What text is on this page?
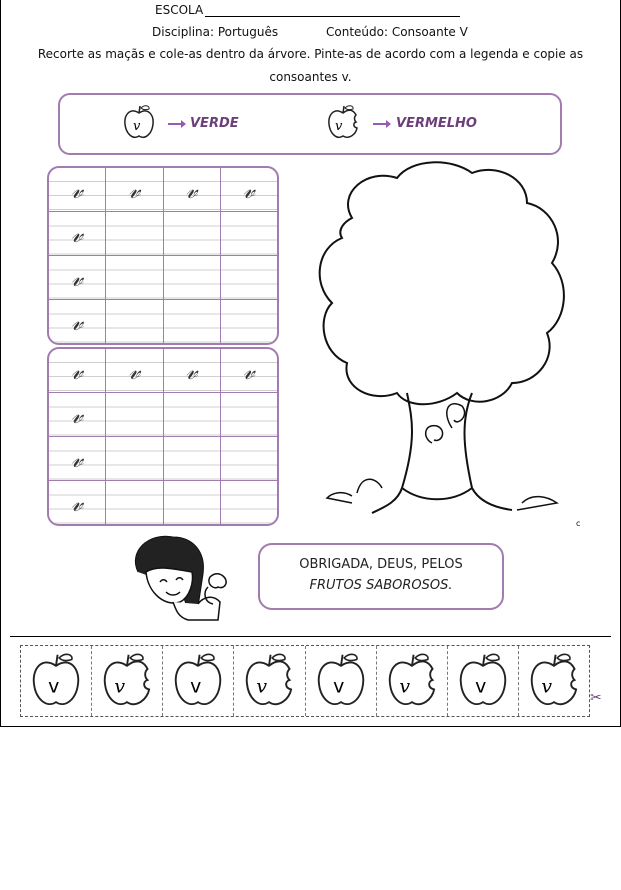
ESCOLA
Disciplina: Português	Conteúdo: Consoante V
Recorte as maçãs e cole-as dentro da árvore. Pinte-as de acordo com a legenda e copie as
consoantes v.
v	VERDE	v	VERMELHO
𝓋	𝓋	𝓋	𝓋
𝓋			
𝓋			
𝓋			
𝓋	𝓋	𝓋	𝓋
𝓋			
𝓋			
𝓋			
OBRIGADA, DEUS, PELOS
FRUTOS SABOROSOS.
c
v	v	v	v	v	v	v	v
✂
